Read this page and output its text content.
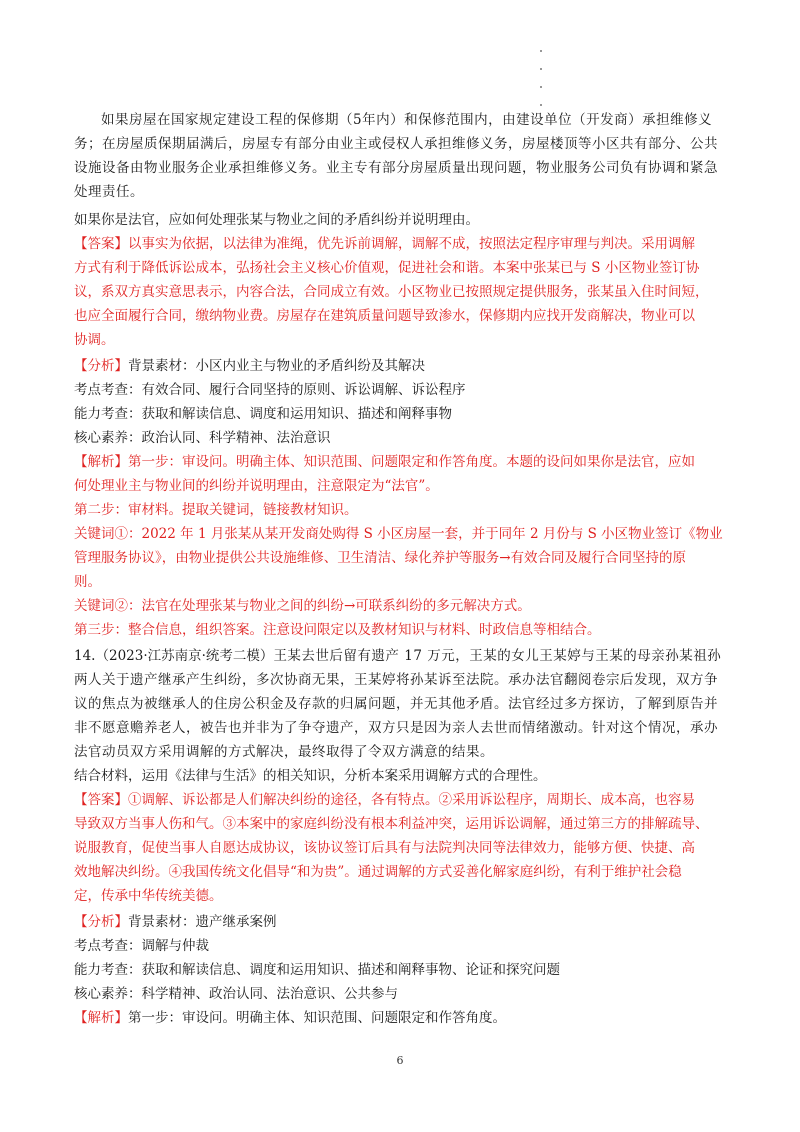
如果房屋在国家规定建设工程的保修期（5年内）和保修范围内，由建设单位（开发商）承担维修义
务；在房屋质保期届满后，房屋专有部分由业主或侵权人承担维修义务，房屋楼顶等小区共有部分、公共
设施设备由物业服务企业承担维修义务。业主专有部分房屋质量出现问题，物业服务公司负有协调和紧急
处理责任。
如果你是法官，应如何处理张某与物业之间的矛盾纠纷并说明理由。
【答案】以事实为依据，以法律为准绳，优先诉前调解，调解不成，按照法定程序审理与判决。采用调解
方式有利于降低诉讼成本，弘扬社会主义核心价值观，促进社会和谐。本案中张某已与 S 小区物业签订协
议，系双方真实意思表示，内容合法，合同成立有效。小区物业已按照规定提供服务，张某虽入住时间短，
也应全面履行合同，缴纳物业费。房屋存在建筑质量问题导致渗水，保修期内应找开发商解决，物业可以
协调。
【分析】背景素材：小区内业主与物业的矛盾纠纷及其解决
考点考查：有效合同、履行合同坚持的原则、诉讼调解、诉讼程序
能力考查：获取和解读信息、调度和运用知识、描述和阐释事物
核心素养：政治认同、科学精神、法治意识
【解析】第一步：审设问。明确主体、知识范围、问题限定和作答角度。本题的设问如果你是法官，应如
何处理业主与物业间的纠纷并说明理由，注意限定为“法官”。
第二步：审材料。提取关键词，链接教材知识。
关键词①：2022 年 1 月张某从某开发商处购得 S 小区房屋一套，并于同年 2 月份与 S 小区物业签订《物业
管理服务协议》，由物业提供公共设施维修、卫生清洁、绿化养护等服务→有效合同及履行合同坚持的原
则。
关键词②：法官在处理张某与物业之间的纠纷→可联系纠纷的多元解决方式。
第三步：整合信息，组织答案。注意设问限定以及教材知识与材料、时政信息等相结合。
14.（2023·江苏南京·统考二模）王某去世后留有遗产 17 万元，王某的女儿王某婷与王某的母亲孙某祖孙
两人关于遗产继承产生纠纷，多次协商无果，王某婷将孙某诉至法院。承办法官翻阅卷宗后发现，双方争
议的焦点为被继承人的住房公积金及存款的归属问题，并无其他矛盾。法官经过多方探访，了解到原告并
非不愿意赡养老人，被告也并非为了争夺遗产，双方只是因为亲人去世而情绪激动。针对这个情况，承办
法官动员双方采用调解的方式解决，最终取得了令双方满意的结果。
结合材料，运用《法律与生活》的相关知识，分析本案采用调解方式的合理性。
【答案】①调解、诉讼都是人们解决纠纷的途径，各有特点。②采用诉讼程序，周期长、成本高，也容易
导致双方当事人伤和气。③本案中的家庭纠纷没有根本利益冲突，运用诉讼调解，通过第三方的排解疏导、
说服教育，促使当事人自愿达成协议，该协议签订后具有与法院判决同等法律效力，能够方便、快捷、高
效地解决纠纷。④我国传统文化倡导“和为贵”。通过调解的方式妥善化解家庭纠纷，有利于维护社会稳
定，传承中华传统美德。
【分析】背景素材：遗产继承案例
考点考查：调解与仲裁
能力考查：获取和解读信息、调度和运用知识、描述和阐释事物、论证和探究问题
核心素养：科学精神、政治认同、法治意识、公共参与
【解析】第一步：审设问。明确主体、知识范围、问题限定和作答角度。
6
